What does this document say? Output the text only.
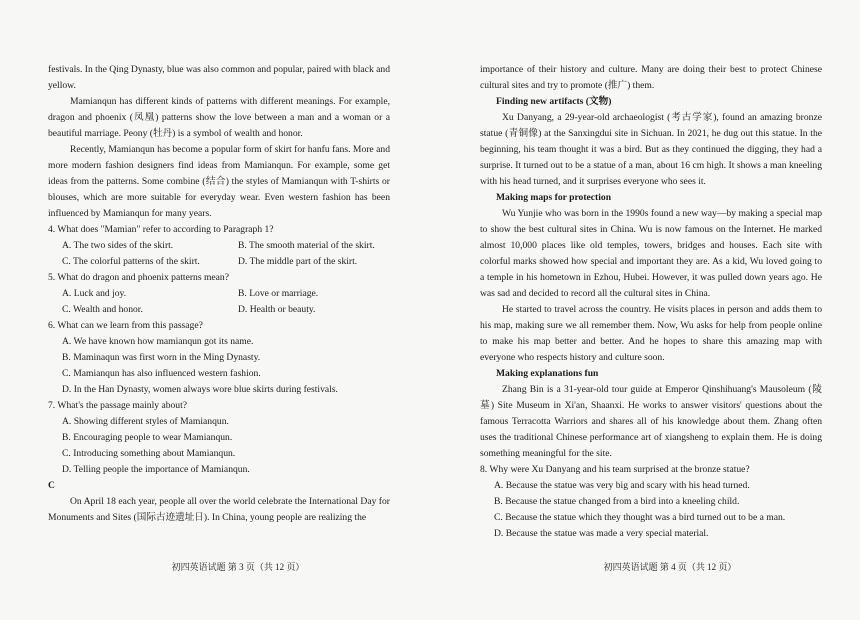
festivals. In the Qing Dynasty, blue was also common and popular, paired with black and yellow.

Mamianqun has different kinds of patterns with different meanings. For example, dragon and phoenix (凤凰) patterns show the love between a man and a woman or a beautiful marriage. Peony (牡丹) is a symbol of wealth and honor.

Recently, Mamianqun has become a popular form of skirt for hanfu fans. More and more modern fashion designers find ideas from Mamianqun. For example, some get ideas from the patterns. Some combine (结合) the styles of Mamianqun with T-shirts or blouses, which are more suitable for everyday wear. Even western fashion has been influenced by Mamianqun for many years.

4. What does "Mamian" refer to according to Paragraph 1?

A. The two sides of the skirt.	B. The smooth material of the skirt.
C. The colorful patterns of the skirt.	D. The middle part of the skirt.

5. What do dragon and phoenix patterns mean?

A. Luck and joy.	B. Love or marriage.
C. Wealth and honor.	D. Health or beauty.

6. What can we learn from this passage?

A. We have known how mamianqun got its name.

B. Maminaqun was first worn in the Ming Dynasty.

C. Mamianqun has also influenced western fashion.

D. In the Han Dynasty, women always wore blue skirts during festivals.

7. What's the passage mainly about?

A. Showing different styles of Mamianqun.

B. Encouraging people to wear Mamianqun.

C. Introducing something about Mamianqun.

D. Telling people the importance of Mamianqun.

C

On April 18 each year, people all over the world celebrate the International Day for Monuments and Sites (国际古迹遗址日). In China, young people are realizing the

初四英语试题 第 3 页（共 12 页）

importance of their history and culture. Many are doing their best to protect Chinese cultural sites and try to promote (推广) them.

Finding new artifacts (文物)

Xu Danyang, a 29-year-old archaeologist (考古学家), found an amazing bronze statue (青铜像) at the Sanxingdui site in Sichuan. In 2021, he dug out this statue. In the beginning, his team thought it was a bird. But as they continued the digging, they had a surprise. It turned out to be a statue of a man, about 16 cm high. It shows a man kneeling with his head turned, and it surprises everyone who sees it.

Making maps for protection

Wu Yunjie who was born in the 1990s found a new way—by making a special map to show the best cultural sites in China. Wu is now famous on the Internet. He marked almost 10,000 places like old temples, towers, bridges and houses. Each site with colorful marks showed how special and important they are. As a kid, Wu loved going to a temple in his hometown in Ezhou, Hubei. However, it was pulled down years ago. He was sad and decided to record all the cultural sites in China.

He started to travel across the country. He visits places in person and adds them to his map, making sure we all remember them. Now, Wu asks for help from people online to make his map better and better. And he hopes to share this amazing map with everyone who respects history and culture soon.

Making explanations fun

Zhang Bin is a 31-year-old tour guide at Emperor Qinshihuang's Mausoleum (陵墓) Site Museum in Xi'an, Shaanxi. He works to answer visitors' questions about the famous Terracotta Warriors and shares all of his knowledge about them. Zhang often uses the traditional Chinese performance art of xiangsheng to explain them. He is doing something meaningful for the site.

8. Why were Xu Danyang and his team surprised at the bronze statue?

A. Because the statue was very big and scary with his head turned.

B. Because the statue changed from a bird into a kneeling child.

C. Because the statue which they thought was a bird turned out to be a man.

D. Because the statue was made a very special material.

初四英语试题 第 4 页（共 12 页）
